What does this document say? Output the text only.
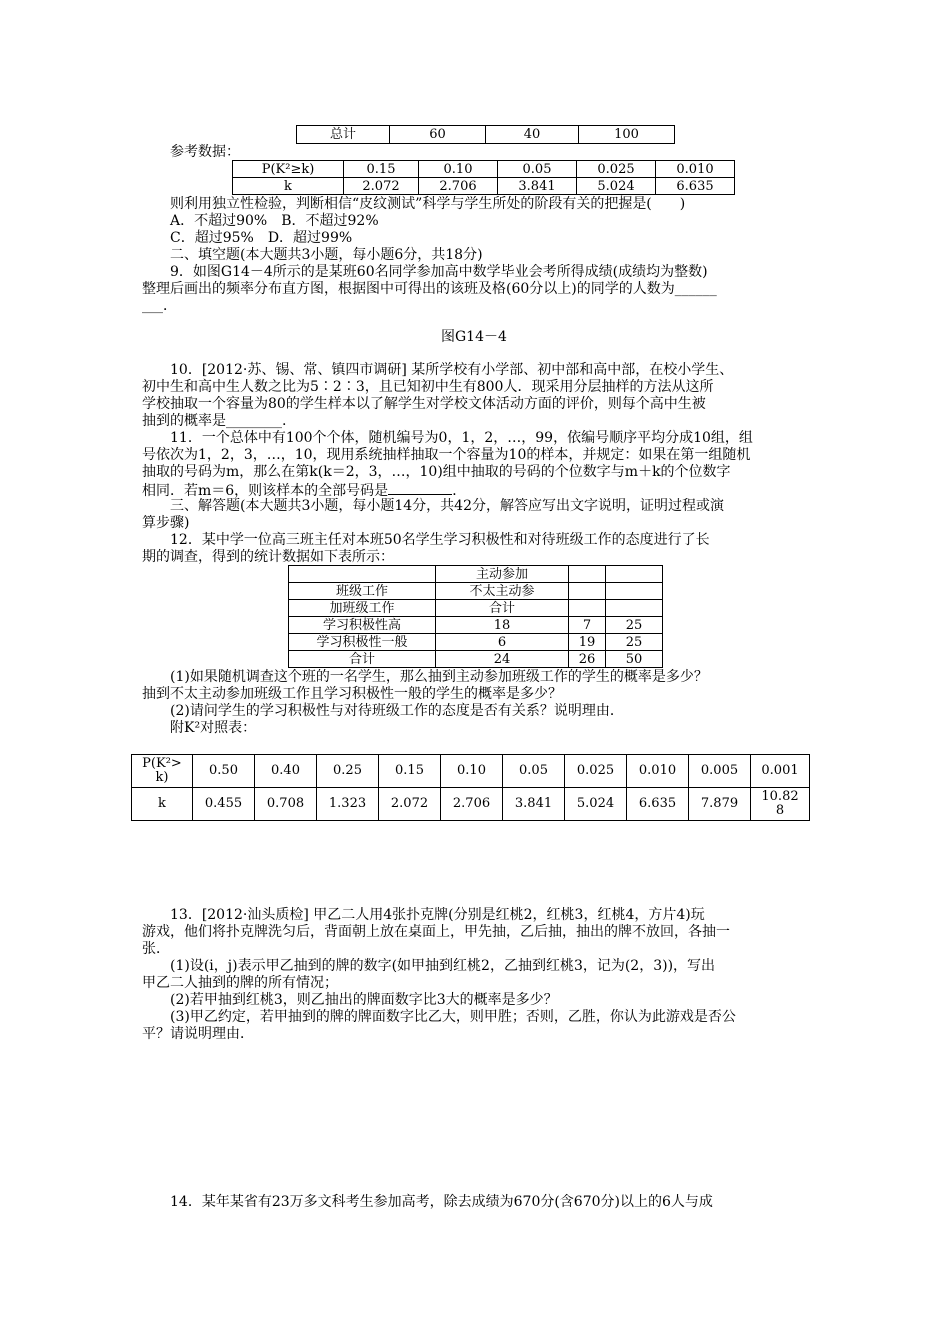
总计	60	40	100
参考数据：
P(K²≥k)	0.15	0.10	0.05	0.025	0.010
k	2.072	2.706	3.841	5.024	6.635
则利用独立性检验，判断相信“皮纹测试”科学与学生所处的阶段有关的把握是(　　)
A．不超过90%　B．不超过92%
C．超过95%　D．超过99%
二、填空题(本大题共3小题，每小题6分，共18分)
9．如图G14－4所示的是某班60名同学参加高中数学毕业会考所得成绩(成绩均为整数)
整理后画出的频率分布直方图，根据图中可得出的该班及格(60分以上)的同学的人数为______
___．
图G14－4
10．[2012·苏、锡、常、镇四市调研] 某所学校有小学部、初中部和高中部，在校小学生、
初中生和高中生人数之比为5∶2∶3，且已知初中生有800人．现采用分层抽样的方法从这所
学校抽取一个容量为80的学生样本以了解学生对学校文体活动方面的评价，则每个高中生被
抽到的概率是________.
11．一个总体中有100个个体，随机编号为0，1，2，…，99，依编号顺序平均分成10组，组
号依次为1，2，3，…，10，现用系统抽样抽取一个容量为10的样本，并规定：如果在第一组随机
抽取的号码为m，那么在第k(k＝2，3，…，10)组中抽取的号码的个位数字与m＋k的个位数字
相同．若m＝6，则该样本的全部号码是	．
三、解答题(本大题共3小题，每小题14分，共42分，解答应写出文字说明，证明过程或演
算步骤)
12．某中学一位高三班主任对本班50名学生学习积极性和对待班级工作的态度进行了长
期的调查，得到的统计数据如下表所示：
	主动参加		
班级工作	不太主动参		
加班级工作	合计		
学习积极性高	18	7	25
学习积极性一般	6	19	25
合计	24	26	50
(1)如果随机调查这个班的一名学生，那么抽到主动参加班级工作的学生的概率是多少？
抽到不太主动参加班级工作且学习积极性一般的学生的概率是多少？
(2)请问学生的学习积极性与对待班级工作的态度是否有关系？说明理由．
附K²对照表：
P(K²>
k)	0.50	0.40	0.25	0.15	0.10	0.05	0.025	0.010	0.005	0.001
k	0.455	0.708	1.323	2.072	2.706	3.841	5.024	6.635	7.879	10.82
8
13．[2012·汕头质检] 甲乙二人用4张扑克牌(分别是红桃2，红桃3，红桃4，方片4)玩
游戏，他们将扑克牌洗匀后，背面朝上放在桌面上，甲先抽，乙后抽，抽出的牌不放回，各抽一
张．
(1)设(i，j)表示甲乙抽到的牌的数字(如甲抽到红桃2，乙抽到红桃3，记为(2，3))，写出
甲乙二人抽到的牌的所有情况；
(2)若甲抽到红桃3，则乙抽出的牌面数字比3大的概率是多少？
(3)甲乙约定，若甲抽到的牌的牌面数字比乙大，则甲胜；否则，乙胜，你认为此游戏是否公
平？请说明理由．
14．某年某省有23万多文科考生参加高考，除去成绩为670分(含670分)以上的6人与成
